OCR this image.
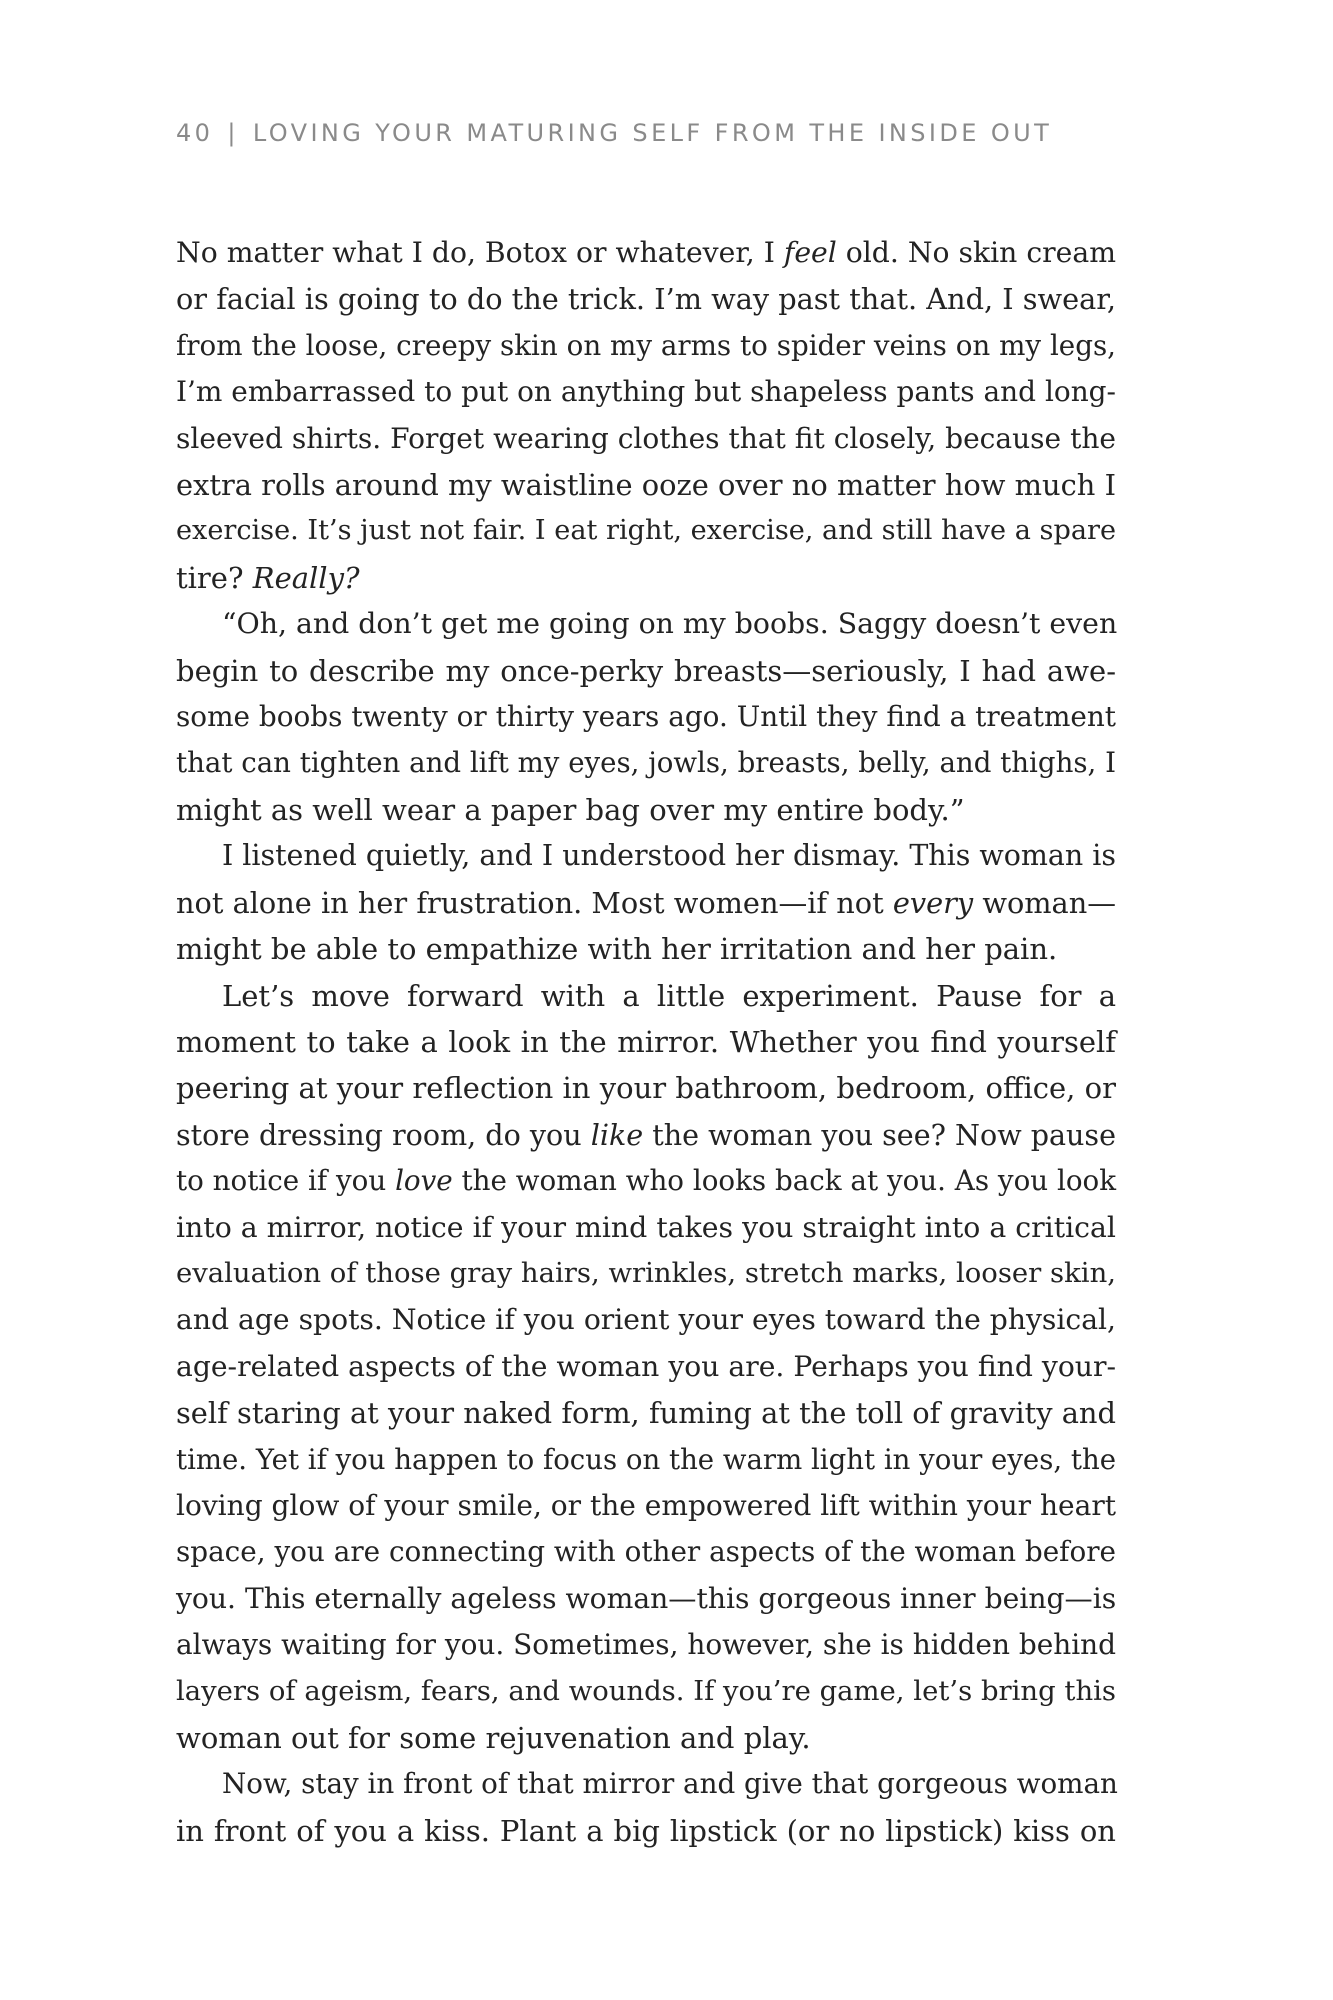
40 | LOVING YOUR MATURING SELF FROM THE INSIDE OUT
No matter what I do, Botox or whatever, I feel old. No skin cream
or facial is going to do the trick. I’m way past that. And, I swear,
from the loose, creepy skin on my arms to spider veins on my legs,
I’m embarrassed to put on anything but shapeless pants and long-
sleeved shirts. Forget wearing clothes that fit closely, because the
extra rolls around my waistline ooze over no matter how much I
exercise. It’s just not fair. I eat right, exercise, and still have a spare
tire? Really?
“Oh, and don’t get me going on my boobs. Saggy doesn’t even
begin to describe my once-perky breasts—seriously, I had awe-
some boobs twenty or thirty years ago. Until they find a treatment
that can tighten and lift my eyes, jowls, breasts, belly, and thighs, I
might as well wear a paper bag over my entire body.”
I listened quietly, and I understood her dismay. This woman is
not alone in her frustration. Most women—if not every woman—
might be able to empathize with her irritation and her pain.
Let’s move forward with a little experiment. Pause for a
moment to take a look in the mirror. Whether you find yourself
peering at your reflection in your bathroom, bedroom, office, or
store dressing room, do you like the woman you see? Now pause
to notice if you love the woman who looks back at you. As you look
into a mirror, notice if your mind takes you straight into a critical
evaluation of those gray hairs, wrinkles, stretch marks, looser skin,
and age spots. Notice if you orient your eyes toward the physical,
age-related aspects of the woman you are. Perhaps you find your-
self staring at your naked form, fuming at the toll of gravity and
time. Yet if you happen to focus on the warm light in your eyes, the
loving glow of your smile, or the empowered lift within your heart
space, you are connecting with other aspects of the woman before
you. This eternally ageless woman—this gorgeous inner being—is
always waiting for you. Sometimes, however, she is hidden behind
layers of ageism, fears, and wounds. If you’re game, let’s bring this
woman out for some rejuvenation and play.
Now, stay in front of that mirror and give that gorgeous woman
in front of you a kiss. Plant a big lipstick (or no lipstick) kiss on
